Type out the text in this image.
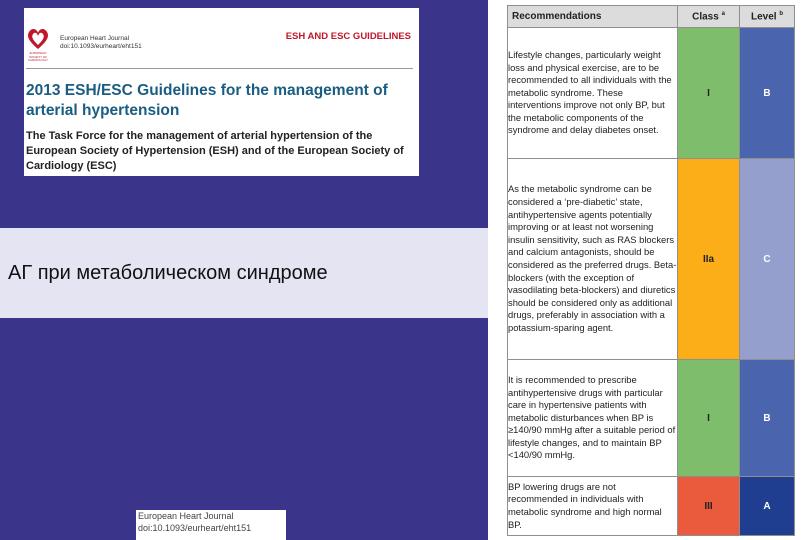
АГ при метаболическом синдроме
EUROPEAN SOCIETY OF CARDIOLOGY
European Heart Journal
doi:10.1093/eurheart/eht151
ESH AND ESC GUIDELINES
2013 ESH/ESC Guidelines for the management of arterial hypertension
The Task Force for the management of arterial hypertension of the European Society of Hypertension (ESH) and of the European Society of Cardiology (ESC)
European Heart Journal
doi:10.1093/eurheart/eht151
Recommendations	Class $^a$	Level $^b$
Lifestyle changes, particularly weight loss and physical exercise, are to be recommended to all individuals with the metabolic syndrome. These interventions improve not only BP, but the metabolic components of the syndrome and delay diabetes onset.	I	B
As the metabolic syndrome can be considered a ‘pre-diabetic’ state, antihypertensive agents potentially improving or at least not worsening insulin sensitivity, such as RAS blockers and calcium antagonists, should be considered as the preferred drugs. Beta-blockers (with the exception of vasodilating beta-blockers) and diuretics should be considered only as additional drugs, preferably in association with a potassium-sparing agent.	IIa	C
It is recommended to prescribe antihypertensive drugs with particular care in hypertensive patients with metabolic disturbances when BP is ≥140/90 mmHg after a suitable period of lifestyle changes, and to maintain BP <140/90 mmHg.	I	B
BP lowering drugs are not recommended in individuals with metabolic syndrome and high normal BP.	III	A
